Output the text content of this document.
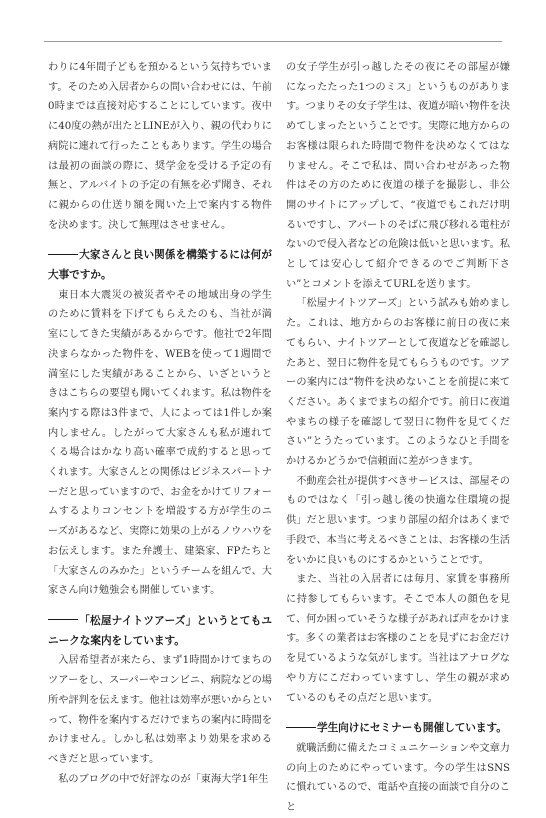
わりに4年間子どもを預かるという気持ちでいます。そのため入居者からの問い合わせには、午前0時までは直接対応することにしています。夜中に40度の熱が出たとLINEが入り、親の代わりに病院に連れて行ったこともあります。学生の場合は最初の面談の際に、奨学金を受ける予定の有無と、アルバイトの予定の有無を必ず聞き、それに親からの仕送り額を聞いた上で案内する物件を決めます。決して無理はさせません。

大家さんと良い関係を構築するには何が大事ですか。

東日本大震災の被災者やその地域出身の学生のために賃料を下げてもらえたのも、当社が満室にしてきた実績があるからです。他社で2年間決まらなかった物件を、WEBを使って1週間で満室にした実績があることから、いざというときはこちらの要望も聞いてくれます。私は物件を案内する際は3件まで、人によっては1件しか案内しません。したがって大家さんも私が連れてくる場合はかなり高い確率で成約すると思ってくれます。大家さんとの関係はビジネスパートナーだと思っていますので、お金をかけてリフォームするよりコンセントを増設する方が学生のニーズがあるなど、実際に効果の上がるノウハウをお伝えします。また弁護士、建築家、FPたちと「大家さんのみかた」というチームを組んで、大家さん向け勉強会も開催しています。

「松屋ナイトツアーズ」というとてもユニークな案内をしています。

入居希望者が来たら、まず1時間かけてまちのツアーをし、スーパーやコンビニ、病院などの場所や評判を伝えます。他社は効率が悪いからといって、物件を案内するだけでまちの案内に時間をかけません。しかし私は効率より効果を求めるべきだと思っています。

私のブログの中で好評なのが「東海大学1年生

の女子学生が引っ越したその夜にその部屋が嫌になったたった1つのミス」というものがあります。つまりその女子学生は、夜道が暗い物件を決めてしまったということです。実際に地方からのお客様は限られた時間で物件を決めなくてはなりません。そこで私は、問い合わせがあった物件はその方のために夜道の様子を撮影し、非公開のサイトにアップして、“夜道でもこれだけ明るいですし、アパートのそばに飛び移れる電柱がないので侵入者などの危険は低いと思います。私としては安心して紹介できるのでご判断下さい”とコメントを添えてURLを送ります。

「松屋ナイトツアーズ」という試みも始めました。これは、地方からのお客様に前日の夜に来てもらい、ナイトツアーとして夜道などを確認したあと、翌日に物件を見てもらうものです。ツアーの案内には“物件を決めないことを前提に来てください。あくまでまちの紹介です。前日に夜道やまちの様子を確認して翌日に物件を見てください”とうたっています。このようなひと手間をかけるかどうかで信頼面に差がつきます。

不動産会社が提供すべきサービスは、部屋そのものではなく「引っ越し後の快適な住環境の提供」だと思います。つまり部屋の紹介はあくまで手段で、本当に考えるべきことは、お客様の生活をいかに良いものにするかということです。

また、当社の入居者には毎月、家賃を事務所に持参してもらいます。そこで本人の顔色を見て、何か困っていそうな様子があれば声をかけます。多くの業者はお客様のことを見ずにお金だけを見ているような気がします。当社はアナログなやり方にこだわっていますし、学生の親が求めているのもその点だと思います。

学生向けにセミナーも開催しています。

就職活動に備えたコミュニケーションや文章力の向上のためにやっています。今の学生はSNSに慣れているので、電話や直接の面談で自分のこと
